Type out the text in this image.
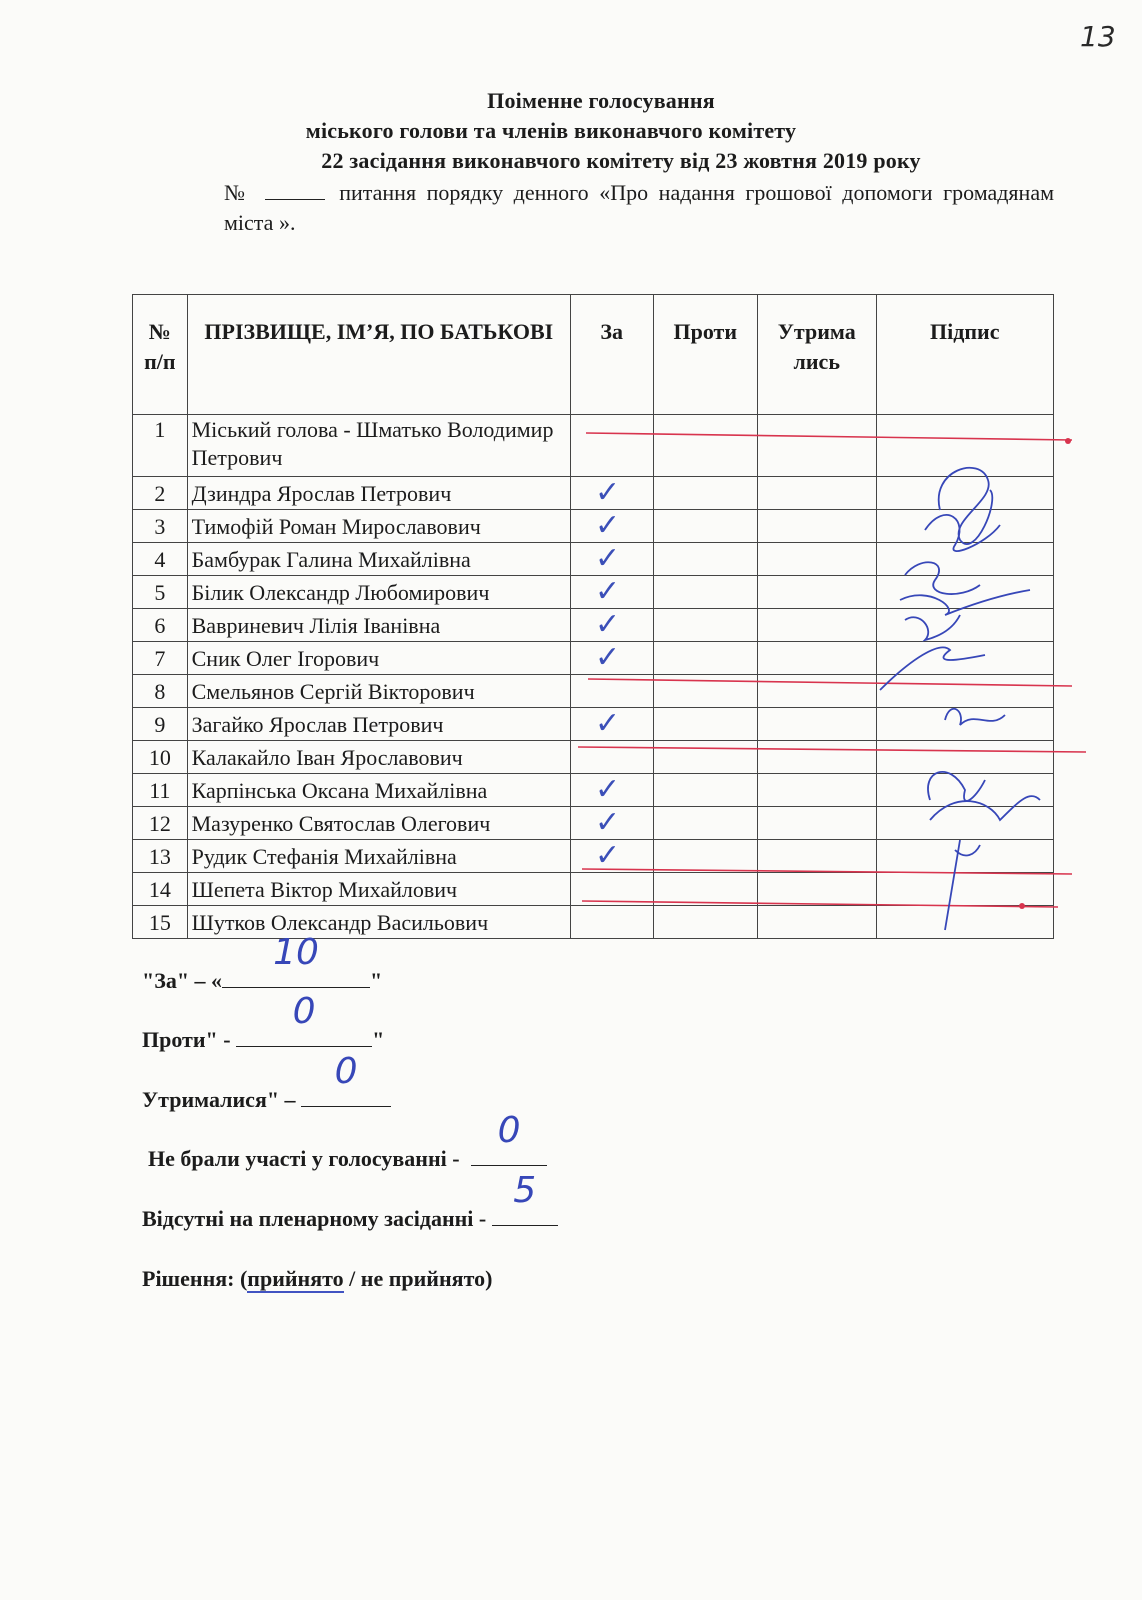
13
Поіменне голосування
міського голови та членів виконавчого комітету
22 засідання виконавчого комітету від 23 жовтня 2019 року
№	питання порядку денного «Про надання грошової допомоги громадянам міста ».
№ п/п	ПРІЗВИЩЕ, ІМ’Я, ПО БАТЬКОВІ	За	Проти	Утрима лись	Підпис
1	Міський голова - Шматько Володимир Петрович				
2	Дзиндра Ярослав Петрович	✓			
3	Тимофій Роман Мирославович	✓			
4	Бамбурак Галина Михайлівна	✓			
5	Білик Олександр Любомирович	✓			
6	Вавриневич Лілія Іванівна	✓			
7	Сник Олег Ігорович	✓			
8	Смельянов Сергій Вікторович				
9	Загайко Ярослав Петрович	✓			
10	Калакайло Іван Ярославович				
11	Карпінська Оксана Михайлівна	✓			
12	Мазуренко Святослав Олегович	✓			
13	Рудик Стефанія Михайлівна	✓			
14	Шепета Віктор Михайлович				
15	Шутков Олександр Васильович				
"За" – «
10
"
Проти" -
0
"
Утрималися" –
0
Не брали участі у голосуванні -
0
Відсутні на пленарному засіданні -
5
Рішення: (прийнято / не прийнято)
